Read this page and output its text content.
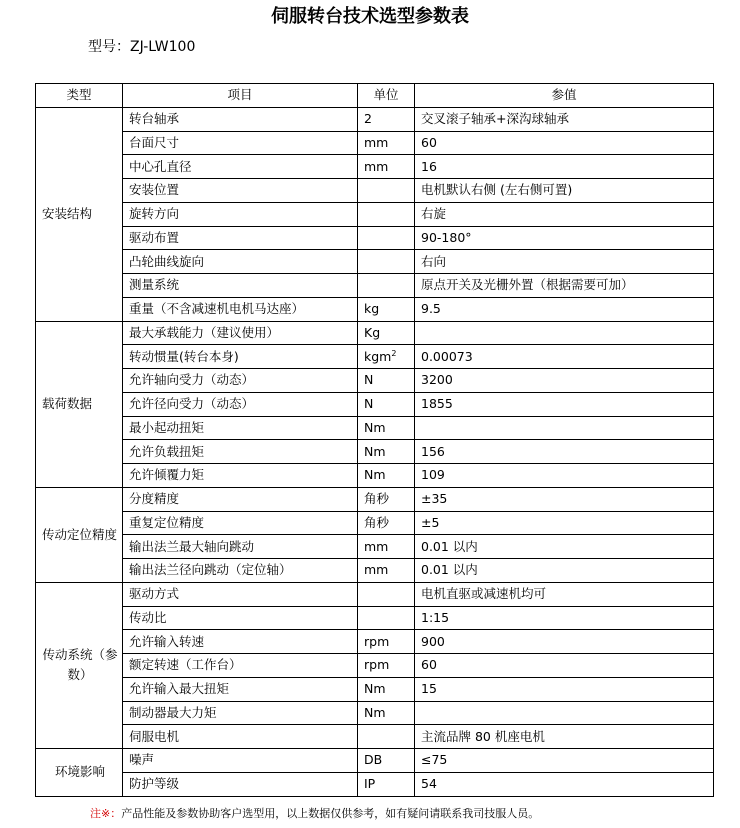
伺服转台技术选型参数表
型号：ZJ-LW100
类型	项目	单位	参值
安装结构	转台轴承	2	交叉滚子轴承+深沟球轴承
	台面尺寸	mm	60
	中心孔直径	mm	16
	安装位置		电机默认右侧 (左右侧可置)
	旋转方向		右旋
	驱动布置		90-180°
	凸轮曲线旋向		右向
	测量系统		原点开关及光栅外置（根据需要可加）
	重量（不含减速机电机马达座）	kg	9.5
载荷数据	最大承载能力（建议使用）	Kg	
	转动惯量(转台本身)	kgm$^2$	0.00073
	允许轴向受力（动态）	N	3200
	允许径向受力（动态）	N	1855
	最小起动扭矩	Nm	
	允许负载扭矩	Nm	156
	允许倾覆力矩	Nm	109
传动定位精度	分度精度	角秒	±35
	重复定位精度	角秒	±5
	输出法兰最大轴向跳动	mm	0.01 以内
	输出法兰径向跳动（定位轴）	mm	0.01 以内
传动系统（参数）	驱动方式		电机直驱或减速机均可
	传动比		1:15
	允许输入转速	rpm	900
	额定转速（工作台）	rpm	60
	允许输入最大扭矩	Nm	15
	制动器最大力矩	Nm	
	伺服电机		主流品牌 80 机座电机
环境影响	噪声	DB	≤75
	防护等级	IP	54
注※：产品性能及参数协助客户选型用，以上数据仅供参考，如有疑问请联系我司技服人员。
